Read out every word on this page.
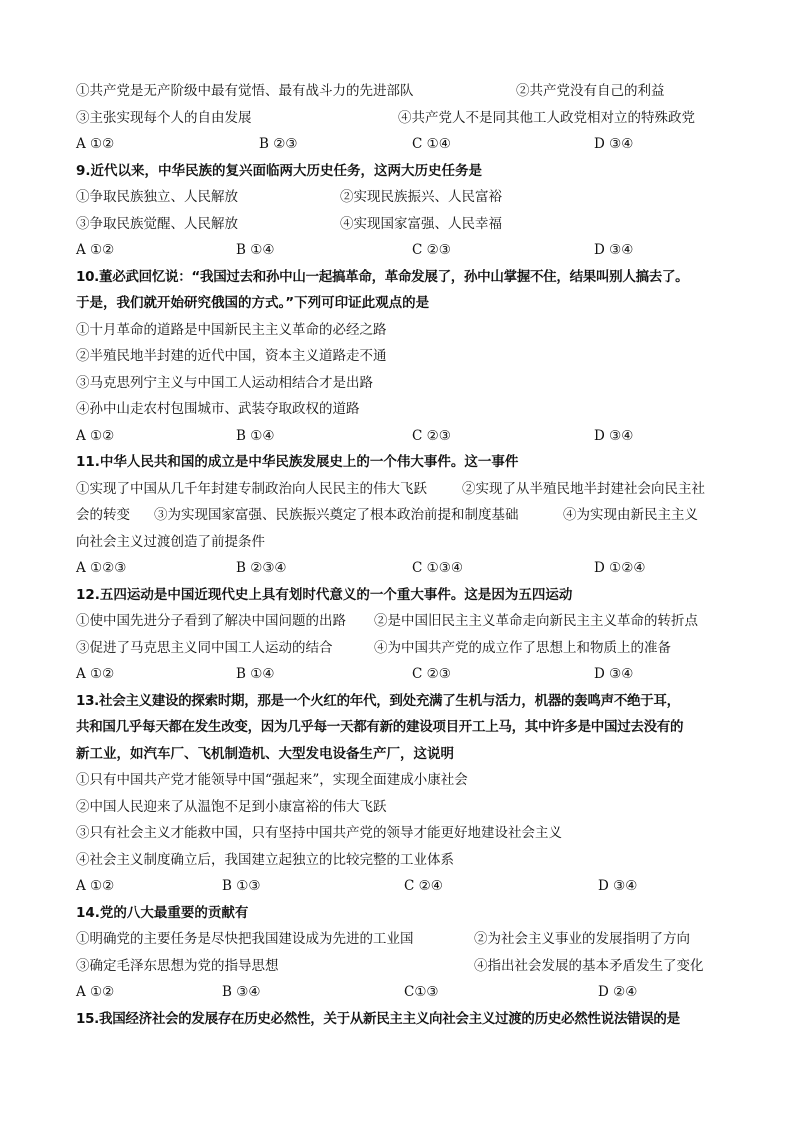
①共产党是无产阶级中最有觉悟、最有战斗力的先进部队	②共产党没有自己的利益
③主张实现每个人的自由发展	④共产党人不是同其他工人政党相对立的特殊政党
A ①②	B ②③	C ①④	D ③④
9.近代以来，中华民族的复兴面临两大历史任务，这两大历史任务是
①争取民族独立、人民解放	②实现民族振兴、人民富裕
③争取民族觉醒、人民解放	④实现国家富强、人民幸福
A ①②	B ①④	C ②③	D ③④
10.董必武回忆说：“我国过去和孙中山一起搞革命，革命发展了，孙中山掌握不住，结果叫别人搞去了。
于是，我们就开始研究俄国的方式。”下列可印证此观点的是
①十月革命的道路是中国新民主主义革命的必经之路
②半殖民地半封建的近代中国，资本主义道路走不通
③马克思列宁主义与中国工人运动相结合才是出路
④孙中山走农村包围城市、武装夺取政权的道路
A ①②	B ①④	C ②③	D ③④
11.中华人民共和国的成立是中华民族发展史上的一个伟大事件。这一事件
①实现了中国从几千年封建专制政治向人民民主的伟大飞跃	②实现了从半殖民地半封建社会向民主社
会的转变 ③为实现国家富强、民族振兴奠定了根本政治前提和制度基础	④为实现由新民主主义
向社会主义过渡创造了前提条件
A ①②③	B ②③④	C ①③④	D ①②④
12.五四运动是中国近现代史上具有划时代意义的一个重大事件。这是因为五四运动
①使中国先进分子看到了解决中国问题的出路 ②是中国旧民主主义革命走向新民主主义革命的转折点
③促进了马克思主义同中国工人运动的结合	④为中国共产党的成立作了思想上和物质上的准备
A ①②	B ①④	C ②③	D ③④
13.社会主义建设的探索时期，那是一个火红的年代，到处充满了生机与活力，机器的轰鸣声不绝于耳，
共和国几乎每天都在发生改变，因为几乎每一天都有新的建设项目开工上马，其中许多是中国过去没有的
新工业，如汽车厂、飞机制造机、大型发电设备生产厂，这说明
①只有中国共产党才能领导中国“强起来”，实现全面建成小康社会
②中国人民迎来了从温饱不足到小康富裕的伟大飞跃
③只有社会主义才能救中国，只有坚持中国共产党的领导才能更好地建设社会主义
④社会主义制度确立后，我国建立起独立的比较完整的工业体系
A ①②	B ①③	C ②④	D ③④
14.党的八大最重要的贡献有
①明确党的主要任务是尽快把我国建设成为先进的工业国	②为社会主义事业的发展指明了方向
③确定毛泽东思想为党的指导思想	④指出社会发展的基本矛盾发生了变化
A ①②	B ③④	C①③	D ②④
15.我国经济社会的发展存在历史必然性，关于从新民主主义向社会主义过渡的历史必然性说法错误的是
